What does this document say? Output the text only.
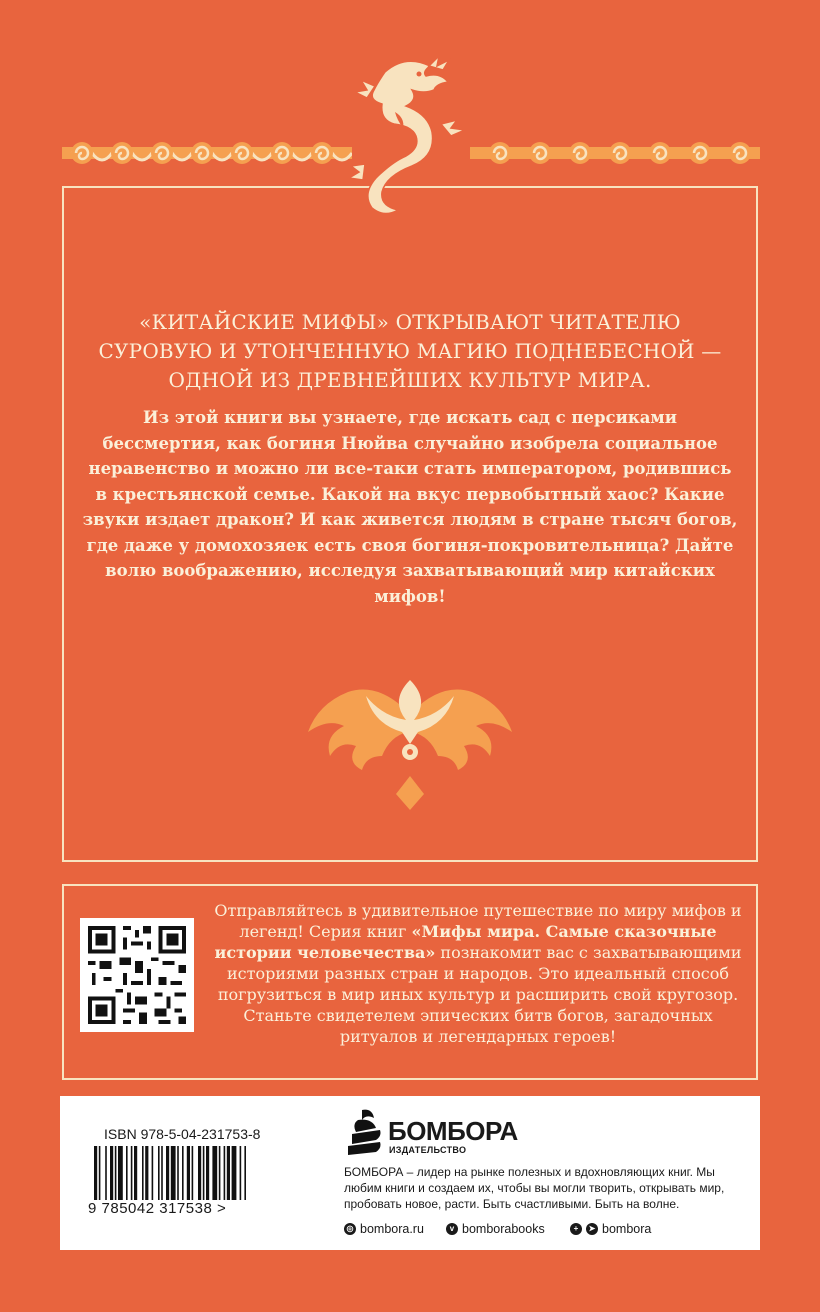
«КИТАЙСКИЕ МИФЫ» ОТКРЫВАЮТ ЧИТАТЕЛЮ СУРОВУЮ И УТОНЧЕННУЮ МАГИЮ ПОДНЕБЕСНОЙ — ОДНОЙ ИЗ ДРЕВНЕЙШИХ КУЛЬТУР МИРА.
Из этой книги вы узнаете, где искать сад с персиками бессмертия, как богиня Нюйва случайно изобрела социальное неравенство и можно ли все-таки стать императором, родившись в крестьянской семье. Какой на вкус первобытный хаос? Какие звуки издает дракон? И как живется людям в стране тысяч богов, где даже у домохозяек есть своя богиня-покровительница? Дайте волю воображению, исследуя захватывающий мир китайских мифов!
Отправляйтесь в удивительное путешествие по миру мифов и легенд! Серия книг «Мифы мира. Самые сказочные истории человечества» познакомит вас с захватывающими историями разных стран и народов. Это идеальный способ погрузиться в мир иных культур и расширить свой кругозор. Станьте свидетелем эпических битв богов, загадочных ритуалов и легендарных героев!
ISBN 978-5-04-231753-8
9 785042 317538 >
БОМБОРА
ИЗДАТЕЛЬСТВО
БОМБОРА – лидер на рынке полезных и вдохновляющих книг. Мы любим книги и создаем их, чтобы вы могли творить, открывать мир, пробовать новое, расти. Быть счастливыми. Быть на волне.
◎ bombora.ru	v bomborabooks	+	➤ bombora
